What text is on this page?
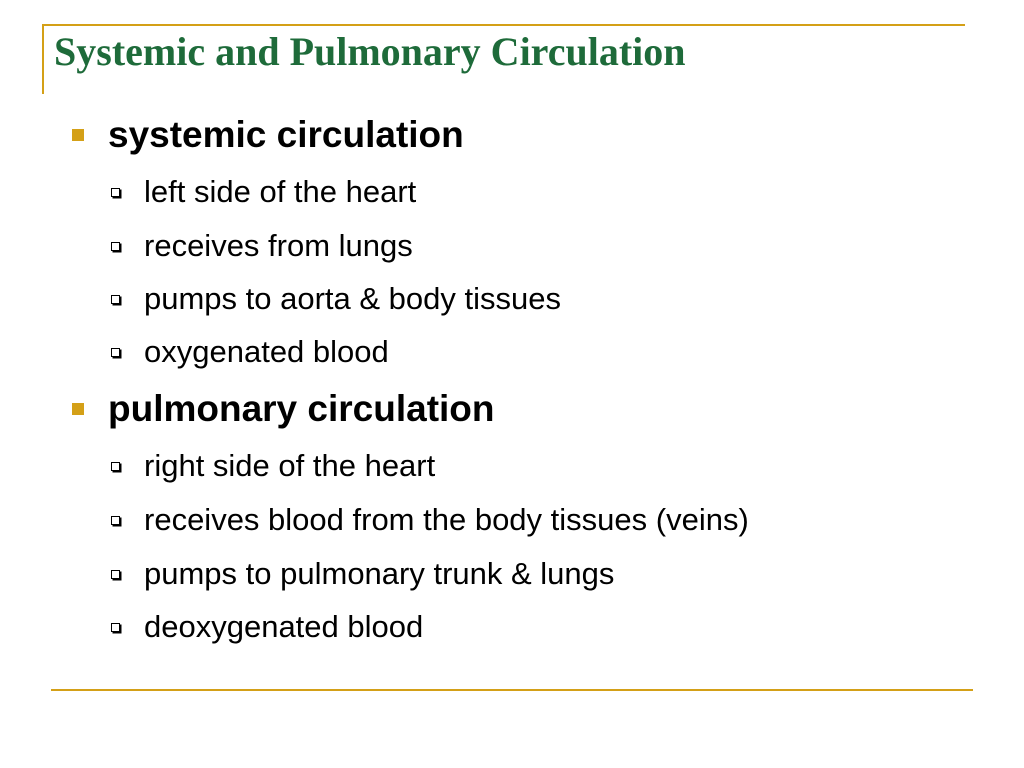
Systemic and Pulmonary Circulation
systemic circulation
left side of the heart
receives from lungs
pumps to aorta & body tissues
oxygenated blood
pulmonary circulation
right side of the heart
receives blood from the body tissues (veins)
pumps to pulmonary trunk & lungs
deoxygenated blood
